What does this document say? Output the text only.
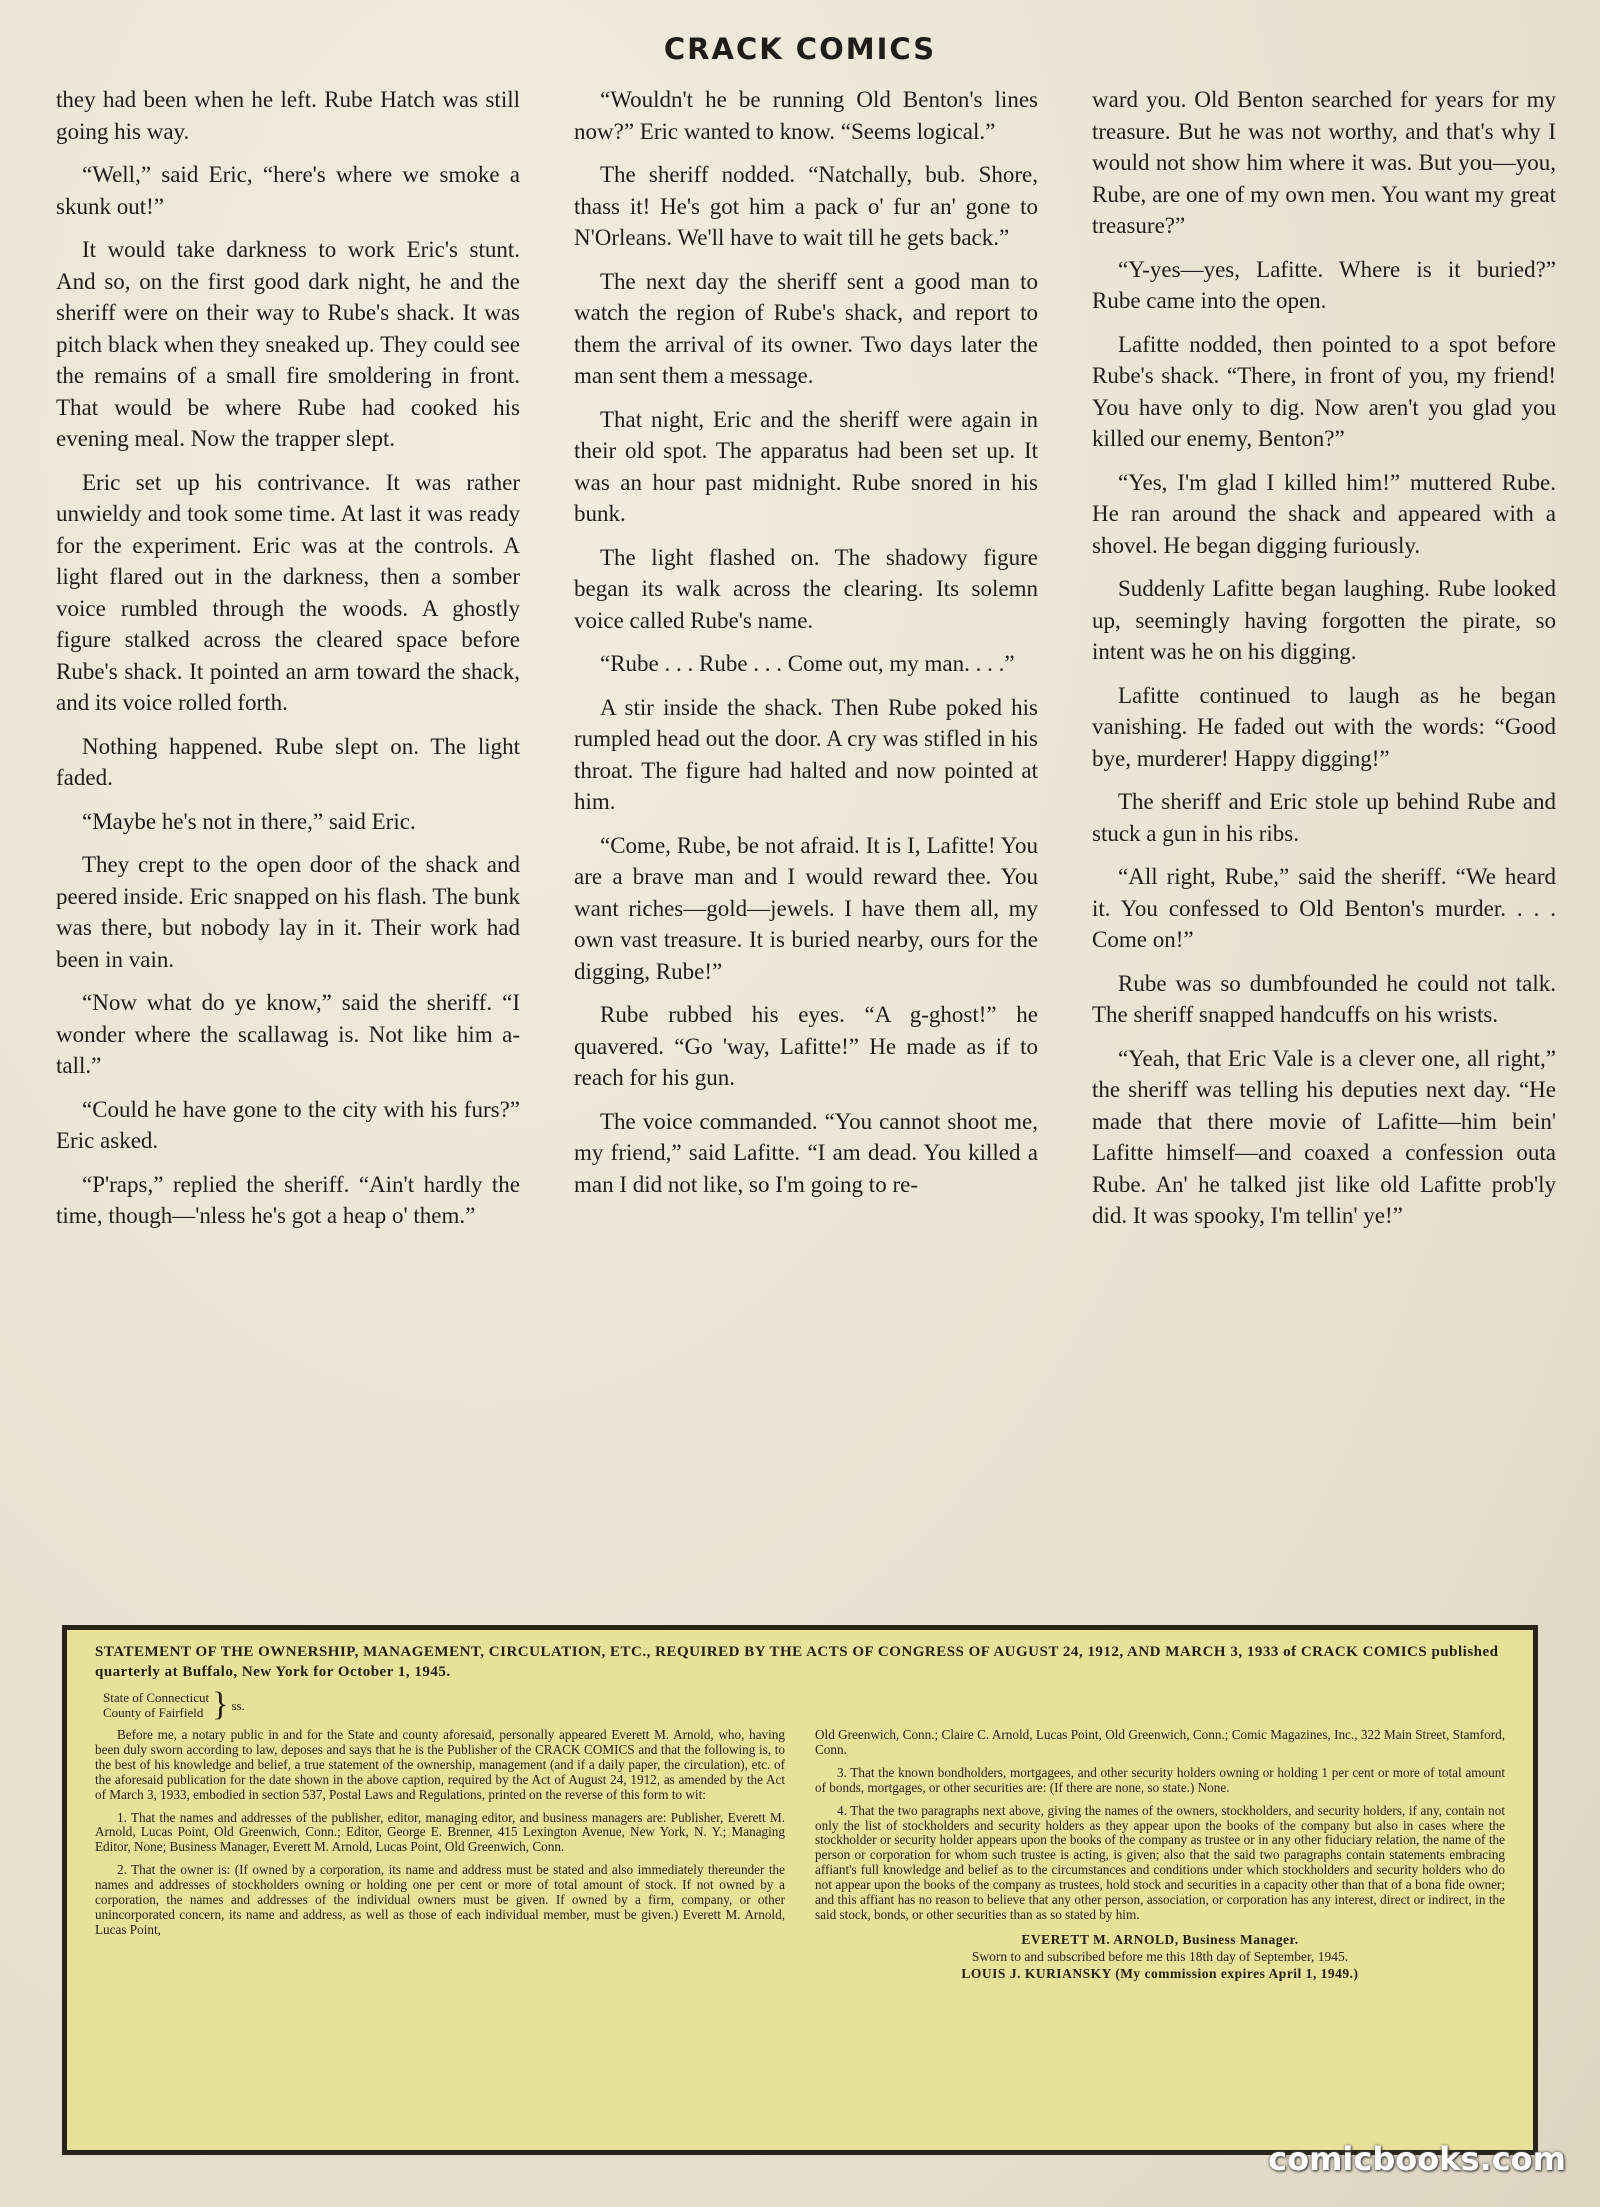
CRACK COMICS

they had been when he left. Rube Hatch was still going his way.

“Well,” said Eric, “here's where we smoke a skunk out!”

It would take darkness to work Eric's stunt. And so, on the first good dark night, he and the sheriff were on their way to Rube's shack. It was pitch black when they sneaked up. They could see the remains of a small fire smoldering in front. That would be where Rube had cooked his evening meal. Now the trapper slept.

Eric set up his contrivance. It was rather unwieldy and took some time. At last it was ready for the experiment. Eric was at the controls. A light flared out in the darkness, then a somber voice rumbled through the woods. A ghostly figure stalked across the cleared space before Rube's shack. It pointed an arm toward the shack, and its voice rolled forth.

Nothing happened. Rube slept on. The light faded.

“Maybe he's not in there,” said Eric.

They crept to the open door of the shack and peered inside. Eric snapped on his flash. The bunk was there, but nobody lay in it. Their work had been in vain.

“Now what do ye know,” said the sheriff. “I wonder where the scallawag is. Not like him a-tall.”

“Could he have gone to the city with his furs?” Eric asked.

“P'raps,” replied the sheriff. “Ain't hardly the time, though—'nless he's got a heap o' them.”

“Wouldn't he be running Old Benton's lines now?” Eric wanted to know. “Seems logical.”

The sheriff nodded. “Natchally, bub. Shore, thass it! He's got him a pack o' fur an' gone to N'Orleans. We'll have to wait till he gets back.”

The next day the sheriff sent a good man to watch the region of Rube's shack, and report to them the arrival of its owner. Two days later the man sent them a message.

That night, Eric and the sheriff were again in their old spot. The apparatus had been set up. It was an hour past midnight. Rube snored in his bunk.

The light flashed on. The shadowy figure began its walk across the clearing. Its solemn voice called Rube's name.

“Rube . . . Rube . . . Come out, my man. . . .”

A stir inside the shack. Then Rube poked his rumpled head out the door. A cry was stifled in his throat. The figure had halted and now pointed at him.

“Come, Rube, be not afraid. It is I, Lafitte! You are a brave man and I would reward thee. You want riches—gold—jewels. I have them all, my own vast treasure. It is buried nearby, ours for the digging, Rube!”

Rube rubbed his eyes. “A g-ghost!” he quavered. “Go 'way, Lafitte!” He made as if to reach for his gun.

The voice commanded. “You cannot shoot me, my friend,” said Lafitte. “I am dead. You killed a man I did not like, so I'm going to re-

ward you. Old Benton searched for years for my treasure. But he was not worthy, and that's why I would not show him where it was. But you—you, Rube, are one of my own men. You want my great treasure?”

“Y-yes—yes, Lafitte. Where is it buried?” Rube came into the open.

Lafitte nodded, then pointed to a spot before Rube's shack. “There, in front of you, my friend! You have only to dig. Now aren't you glad you killed our enemy, Benton?”

“Yes, I'm glad I killed him!” muttered Rube. He ran around the shack and appeared with a shovel. He began digging furiously.

Suddenly Lafitte began laughing. Rube looked up, seemingly having forgotten the pirate, so intent was he on his digging.

Lafitte continued to laugh as he began vanishing. He faded out with the words: “Good bye, murderer! Happy digging!”

The sheriff and Eric stole up behind Rube and stuck a gun in his ribs.

“All right, Rube,” said the sheriff. “We heard it. You confessed to Old Benton's murder. . . . Come on!”

Rube was so dumbfounded he could not talk. The sheriff snapped handcuffs on his wrists.

“Yeah, that Eric Vale is a clever one, all right,” the sheriff was telling his deputies next day. “He made that there movie of Lafitte—him bein' Lafitte himself—and coaxed a confession outa Rube. An' he talked jist like old Lafitte prob'ly did. It was spooky, I'm tellin' ye!”

STATEMENT OF THE OWNERSHIP, MANAGEMENT, CIRCULATION, ETC., REQUIRED BY THE ACTS OF CONGRESS OF AUGUST 24, 1912, AND MARCH 3, 1933 of CRACK COMICS published quarterly at Buffalo, New York for October 1, 1945.
State of Connecticut
County of Fairfield } ss.

Before me, a notary public in and for the State and county aforesaid, personally appeared Everett M. Arnold, who, having been duly sworn according to law, deposes and says that he is the Publisher of the CRACK COMICS and that the following is, to the best of his knowledge and belief, a true statement of the ownership, management (and if a daily paper, the circulation), etc. of the aforesaid publication for the date shown in the above caption, required by the Act of August 24, 1912, as amended by the Act of March 3, 1933, embodied in section 537, Postal Laws and Regulations, printed on the reverse of this form to wit:

1. That the names and addresses of the publisher, editor, managing editor, and business managers are: Publisher, Everett M. Arnold, Lucas Point, Old Greenwich, Conn.; Editor, George E. Brenner, 415 Lexington Avenue, New York, N. Y.; Managing Editor, None; Business Manager, Everett M. Arnold, Lucas Point, Old Greenwich, Conn.

2. That the owner is: (If owned by a corporation, its name and address must be stated and also immediately thereunder the names and addresses of stockholders owning or holding one per cent or more of total amount of stock. If not owned by a corporation, the names and addresses of the individual owners must be given. If owned by a firm, company, or other unincorporated concern, its name and address, as well as those of each individual member, must be given.) Everett M. Arnold, Lucas Point,

Old Greenwich, Conn.; Claire C. Arnold, Lucas Point, Old Greenwich, Conn.; Comic Magazines, Inc., 322 Main Street, Stamford, Conn.

3. That the known bondholders, mortgagees, and other security holders owning or holding 1 per cent or more of total amount of bonds, mortgages, or other securities are: (If there are none, so state.) None.

4. That the two paragraphs next above, giving the names of the owners, stockholders, and security holders, if any, contain not only the list of stockholders and security holders as they appear upon the books of the company but also in cases where the stockholder or security holder appears upon the books of the company as trustee or in any other fiduciary relation, the name of the person or corporation for whom such trustee is acting, is given; also that the said two paragraphs contain statements embracing affiant's full knowledge and belief as to the circumstances and conditions under which stockholders and security holders who do not appear upon the books of the company as trustees, hold stock and securities in a capacity other than that of a bona fide owner; and this affiant has no reason to believe that any other person, association, or corporation has any interest, direct or indirect, in the said stock, bonds, or other securities than as so stated by him.

EVERETT M. ARNOLD, Business Manager.
Sworn to and subscribed before me this 18th day of September, 1945.
LOUIS J. KURIANSKY (My commission expires April 1, 1949.)
comicbooks.com
